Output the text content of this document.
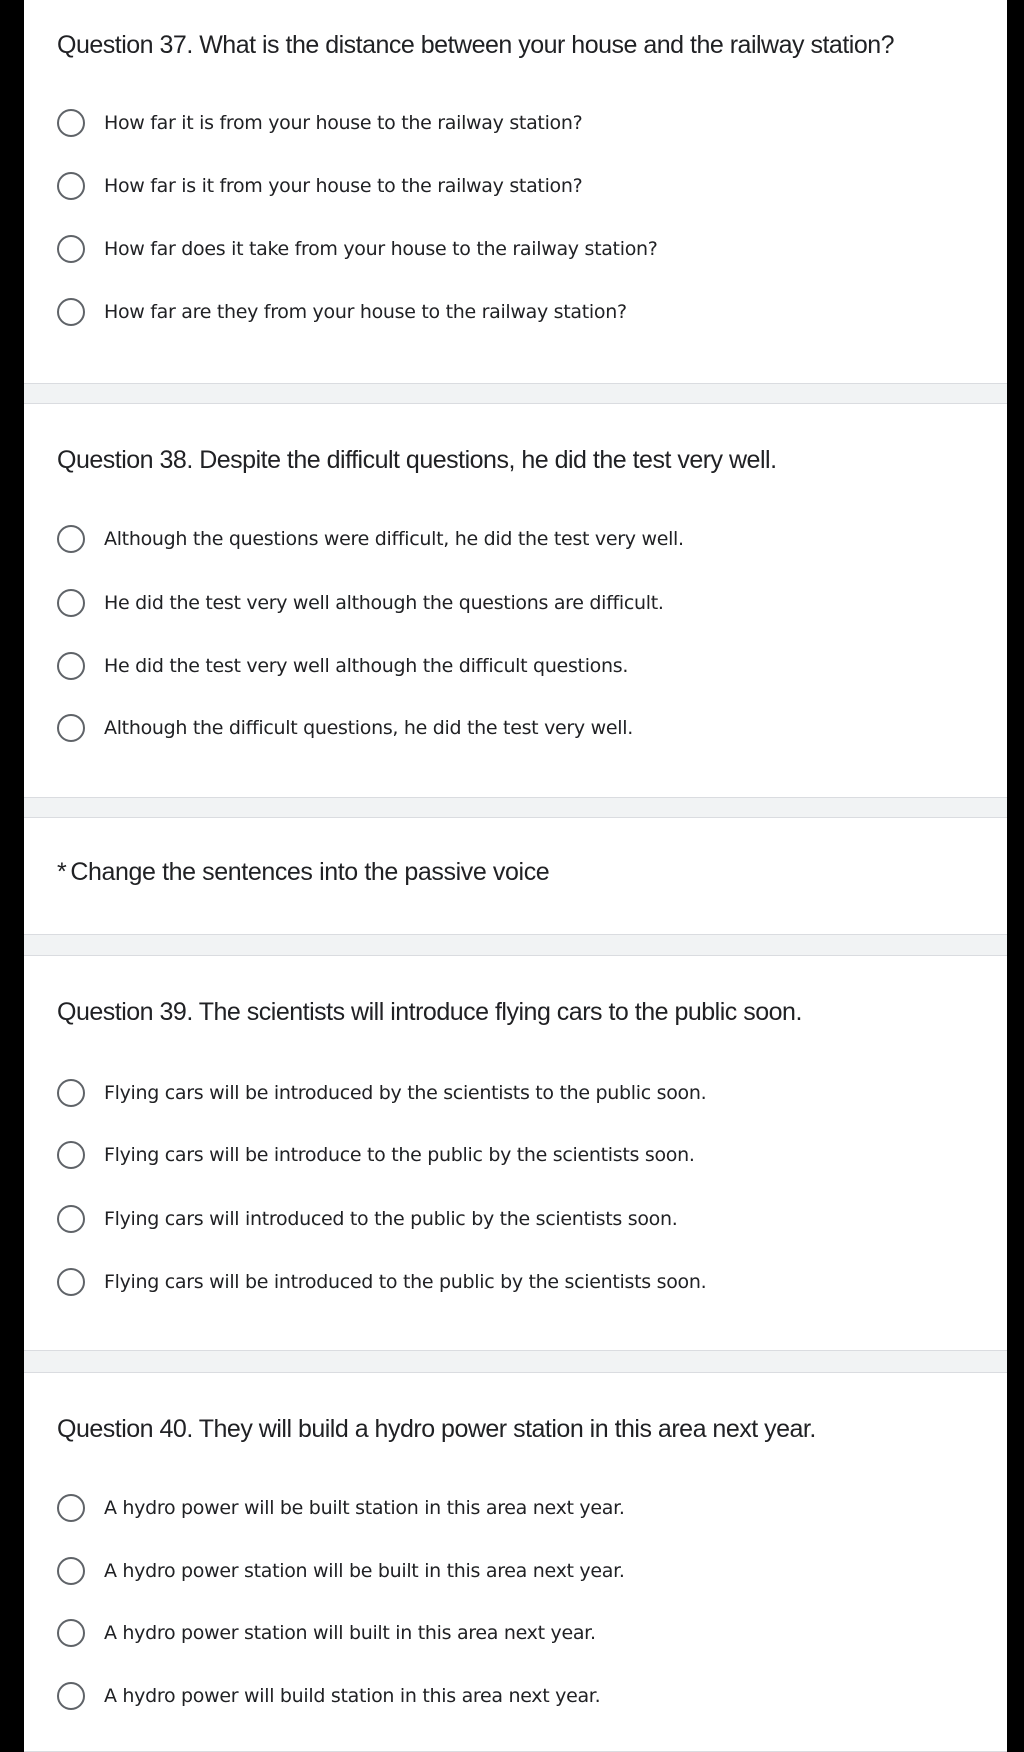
Question 37. What is the distance between your house and the railway station?
How far it is from your house to the railway station?
How far is it from your house to the railway station?
How far does it take from your house to the railway station?
How far are they from your house to the railway station?
Question 38. Despite the difficult questions, he did the test very well.
Although the questions were difficult, he did the test very well.
He did the test very well although the questions are difficult.
He did the test very well although the difficult questions.
Although the difficult questions, he did the test very well.
* Change the sentences into the passive voice
Question 39. The scientists will introduce flying cars to the public soon.
Flying cars will be introduced by the scientists to the public soon.
Flying cars will be introduce to the public by the scientists soon.
Flying cars will introduced to the public by the scientists soon.
Flying cars will be introduced to the public by the scientists soon.
Question 40. They will build a hydro power station in this area next year.
A hydro power will be built station in this area next year.
A hydro power station will be built in this area next year.
A hydro power station will built in this area next year.
A hydro power will build station in this area next year.
